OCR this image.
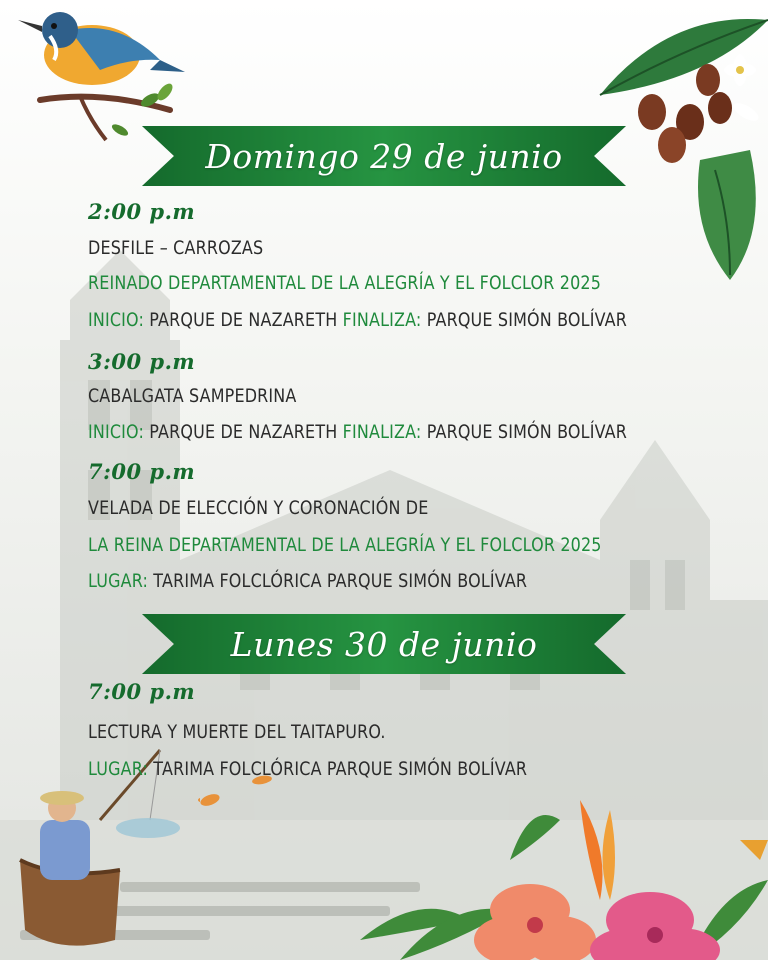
Domingo 29 de junio
2:00 p.m
DESFILE – CARROZAS
REINADO DEPARTAMENTAL DE LA ALEGRÍA Y EL FOLCLOR 2025
INICIO: PARQUE DE NAZARETH FINALIZA: PARQUE SIMÓN BOLÍVAR
3:00 p.m
CABALGATA SAMPEDRINA
INICIO: PARQUE DE NAZARETH FINALIZA: PARQUE SIMÓN BOLÍVAR
7:00 p.m
VELADA DE ELECCIÓN Y CORONACIÓN DE
LA REINA DEPARTAMENTAL DE LA ALEGRÍA Y EL FOLCLOR 2025
LUGAR: TARIMA FOLCLÓRICA PARQUE SIMÓN BOLÍVAR
Lunes 30 de junio
7:00 p.m
LECTURA Y MUERTE DEL TAITAPURO.
LUGAR: TARIMA FOLCLÓRICA PARQUE SIMÓN BOLÍVAR
